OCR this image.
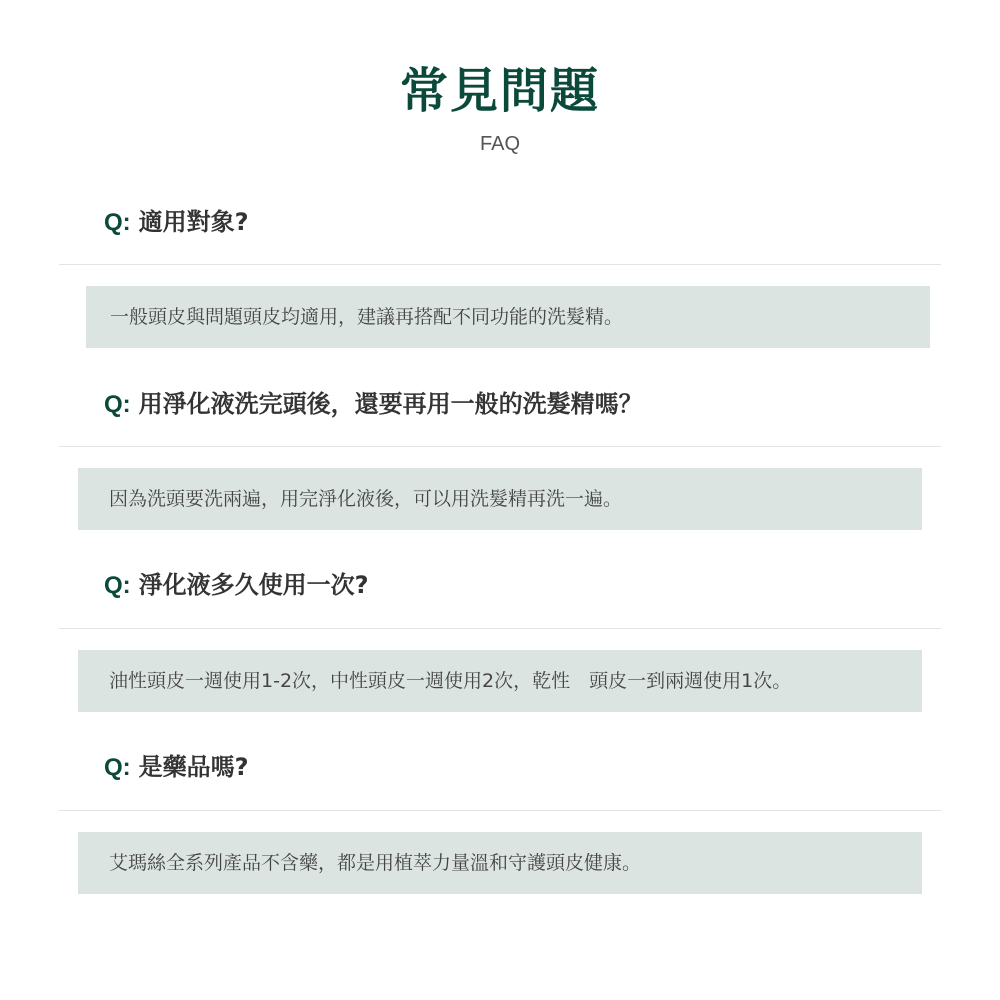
常見問題
FAQ
Q: 適用對象?
一般頭皮與問題頭皮均適用，建議再搭配不同功能的洗髮精。
Q: 用淨化液洗完頭後，還要再用一般的洗髮精嗎？
因為洗頭要洗兩遍，用完淨化液後，可以用洗髮精再洗一遍。
Q: 淨化液多久使用一次?
油性頭皮一週使用1-2次，中性頭皮一週使用2次，乾性　頭皮一到兩週使用1次。
Q: 是藥品嗎?
艾瑪絲全系列產品不含藥，都是用植萃力量溫和守護頭皮健康。
